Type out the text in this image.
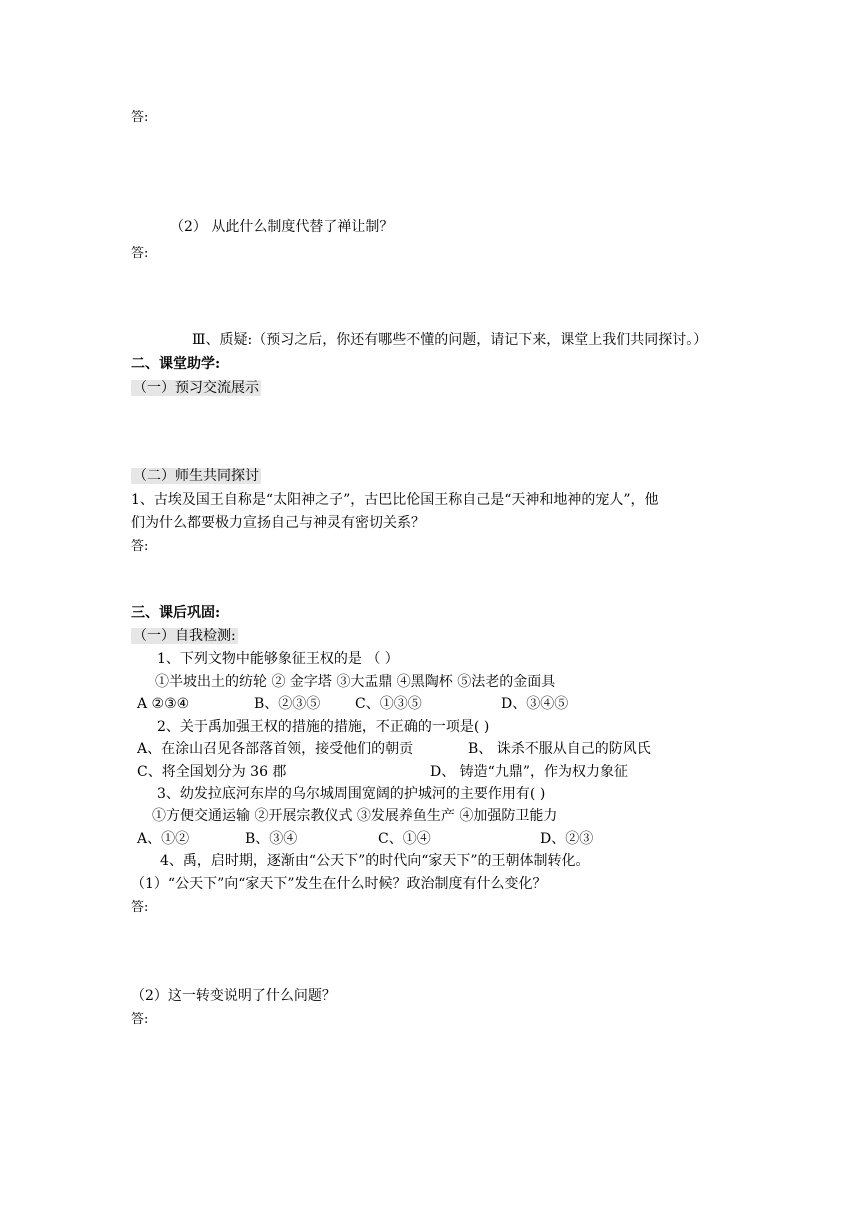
答:
（2） 从此什么制度代替了禅让制？
答:
Ⅲ、质疑:（预习之后，你还有哪些不懂的问题，请记下来，课堂上我们共同探讨。）
二、课堂助学:
（一）预习交流展示
（二）师生共同探讨
1、古埃及国王自称是“太阳神之子”，古巴比伦国王称自己是“天神和地神的宠人”，他
们为什么都要极力宣扬自己与神灵有密切关系？
答:
三、课后巩固:
（一）自我检测:
1、下列文物中能够象征王权的是 （ ）
①半坡出土的纺轮 ② 金字塔 ③大盂鼎 ④黑陶杯 ⑤法老的金面具
A ②③④	B、②③⑤ C、①③⑤	D、③④⑤
2、关于禹加强王权的措施的措施，不正确的一项是( )
A、在涂山召见各部落首领，接受他们的朝贡	B、 诛杀不服从自己的防风氏
C、将全国划分为 36 郡	D、 铸造“九鼎”，作为权力象征
3、幼发拉底河东岸的乌尔城周围宽阔的护城河的主要作用有( )
①方便交通运输 ②开展宗教仪式 ③发展养鱼生产 ④加强防卫能力
A、①②	B、③④	C、①④	D、②③
4、禹，启时期，逐渐由“公天下”的时代向“家天下”的王朝体制转化。
（1）“公天下”向“家天下”发生在什么时候？政治制度有什么变化？
答:
（2）这一转变说明了什么问题？
答:
